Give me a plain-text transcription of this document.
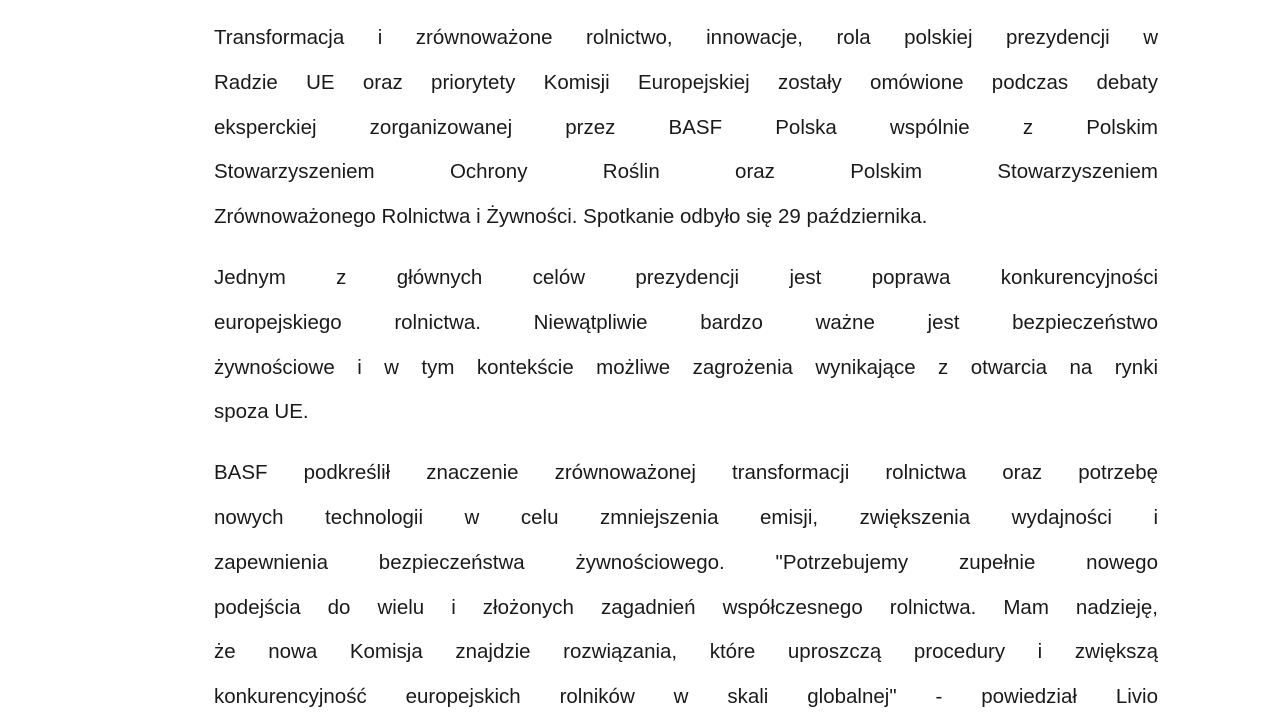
Transformacja i zrównoważone rolnictwo, innowacje, rola polskiej prezydencji w
Radzie UE oraz priorytety Komisji Europejskiej zostały omówione podczas debaty
eksperckiej zorganizowanej przez BASF Polska wspólnie z Polskim
Stowarzyszeniem Ochrony Roślin oraz Polskim Stowarzyszeniem
Zrównoważonego Rolnictwa i Żywności. Spotkanie odbyło się 29 października.

Jednym z głównych celów prezydencji jest poprawa konkurencyjności
europejskiego rolnictwa. Niewątpliwie bardzo ważne jest bezpieczeństwo
żywnościowe i w tym kontekście możliwe zagrożenia wynikające z otwarcia na rynki
spoza UE.

BASF podkreślił znaczenie zrównoważonej transformacji rolnictwa oraz potrzebę
nowych technologii w celu zmniejszenia emisji, zwiększenia wydajności i
zapewnienia bezpieczeństwa żywnościowego. "Potrzebujemy zupełnie nowego
podejścia do wielu i złożonych zagadnień współczesnego rolnictwa. Mam nadzieję,
że nowa Komisja znajdzie rozwiązania, które uproszczą procedury i zwiększą
konkurencyjność europejskich rolników w skali globalnej" - powiedział Livio
